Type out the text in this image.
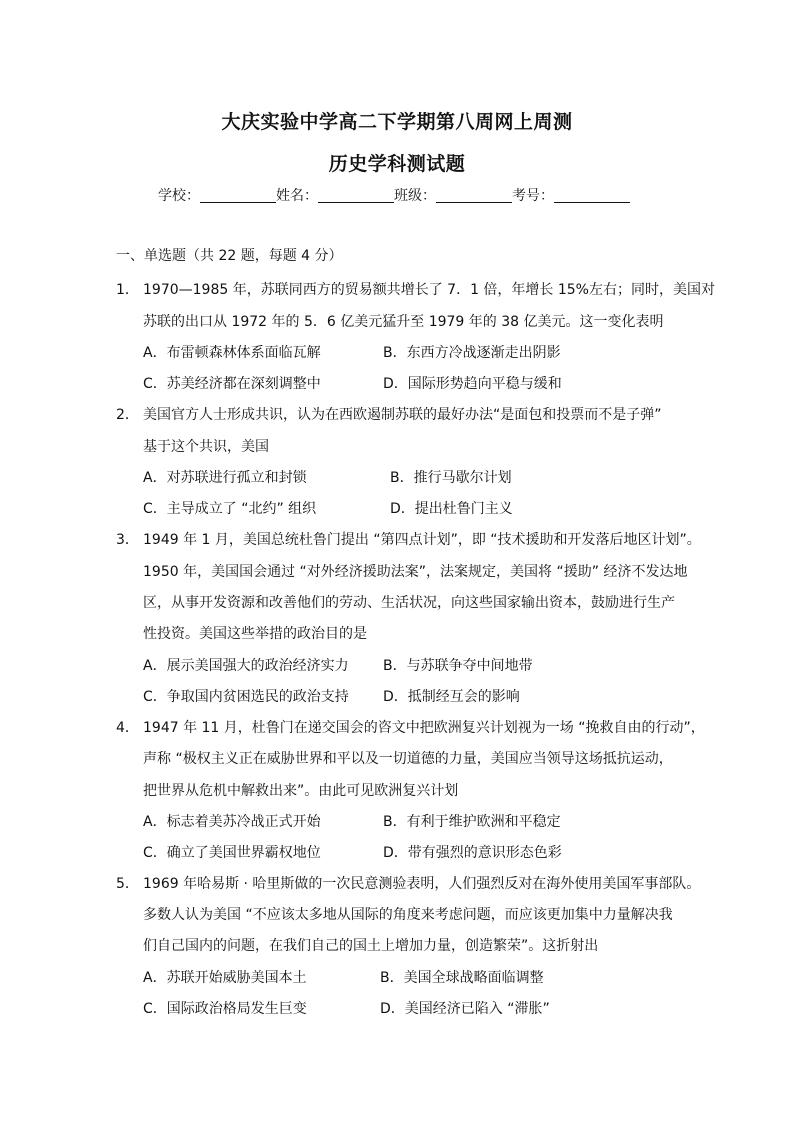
大庆实验中学高二下学期第八周网上周测
历史学科测试题
学校：	姓名：	班级：	考号：
一、单选题（共 22 题，每题 4 分）
1． 1970—1985 年，苏联同西方的贸易额共增长了 7．1 倍，年增长 15%左右；同时，美国对
苏联的出口从 1972 年的 5．6 亿美元猛升至 1979 年的 38 亿美元。这一变化表明
A．布雷顿森林体系面临瓦解	B．东西方冷战逐渐走出阴影
C．苏美经济都在深刻调整中	D．国际形势趋向平稳与缓和
2． 美国官方人士形成共识，认为在西欧遏制苏联的最好办法“是面包和投票而不是子弹”
基于这个共识，美国
A．对苏联进行孤立和封锁	B．推行马歇尔计划
C．主导成立了 “北约” 组织	D．提出杜鲁门主义
3． 1949 年 1 月，美国总统杜鲁门提出 “第四点计划”，即 “技术援助和开发落后地区计划”。
1950 年，美国国会通过 “对外经济援助法案”，法案规定，美国将 “援助” 经济不发达地
区，从事开发资源和改善他们的劳动、生活状况，向这些国家输出资本，鼓励进行生产
性投资。美国这些举措的政治目的是
A．展示美国强大的政治经济实力 B．与苏联争夺中间地带
C．争取国内贫困选民的政治支持 D．抵制经互会的影响
4． 1947 年 11 月，杜鲁门在递交国会的咨文中把欧洲复兴计划视为一场 “挽救自由的行动”，
声称 “极权主义正在威胁世界和平以及一切道德的力量，美国应当领导这场抵抗运动，
把世界从危机中解救出来”。由此可见欧洲复兴计划
A．标志着美苏冷战正式开始	B．有利于维护欧洲和平稳定
C．确立了美国世界霸权地位	D．带有强烈的意识形态色彩
5． 1969 年哈易斯 · 哈里斯做的一次民意测验表明，人们强烈反对在海外使用美国军事部队。
多数人认为美国 “不应该太多地从国际的角度来考虑问题，而应该更加集中力量解决我
们自己国内的问题，在我们自己的国土上增加力量，创造繁荣”。这折射出
A．苏联开始威胁美国本土	B．美国全球战略面临调整
C．国际政治格局发生巨变	D．美国经济已陷入 “滞胀”
